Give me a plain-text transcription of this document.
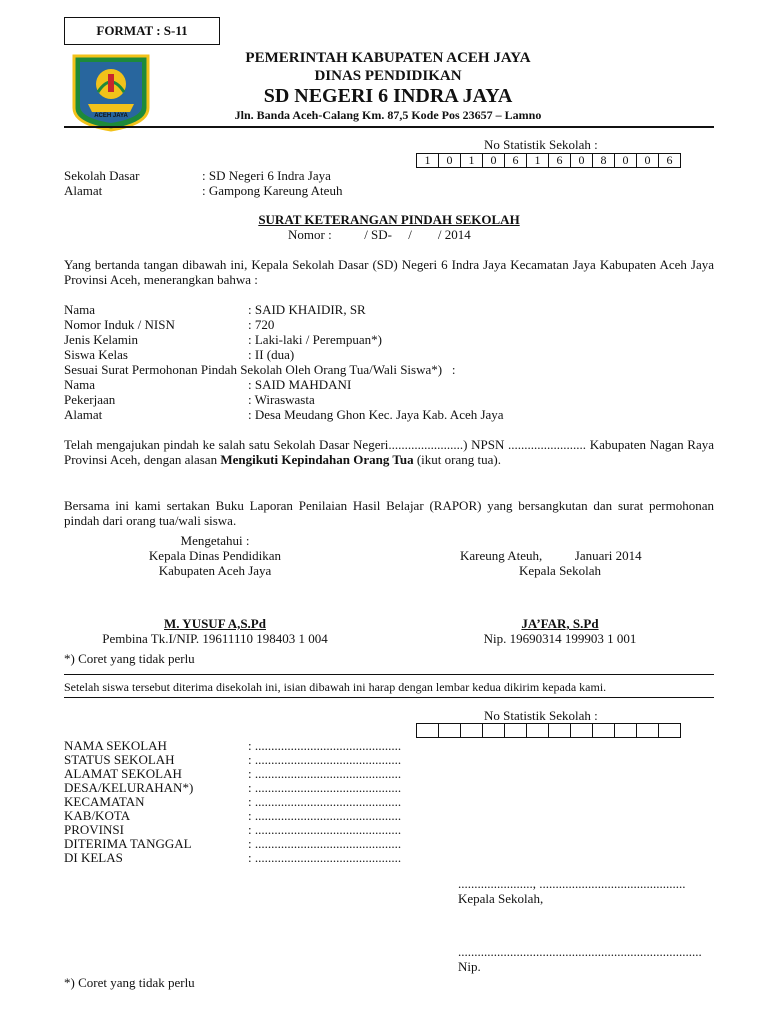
FORMAT : S-11
ACEH JAYA
PEMERINTAH KABUPATEN ACEH JAYA
DINAS PENDIDIKAN
SD NEGERI 6 INDRA JAYA
Jln. Banda Aceh-Calang Km. 87,5 Kode Pos 23657 – Lamno
No Statistik Sekolah :
1	0	1	0	6	1	6	0	8	0	0	6
Sekolah Dasar	: SD Negeri 6 Indra Jaya
Alamat	: Gampong Kareung Ateuh
SURAT KETERANGAN PINDAH SEKOLAH
Nomor :          / SD-     /        / 2014
Yang bertanda tangan dibawah ini, Kepala Sekolah Dasar (SD) Negeri 6 Indra Jaya Kecamatan Jaya Kabupaten Aceh Jaya Provinsi Aceh, menerangkan bahwa :
Nama	: SAID KHAIDIR, SR
Nomor Induk / NISN	: 720
Jenis Kelamin	: Laki-laki / Perempuan*)
Siswa Kelas	: II (dua)
Sesuai Surat Permohonan Pindah Sekolah Oleh Orang Tua/Wali Siswa*)   :
Nama	: SAID MAHDANI
Pekerjaan	: Wiraswasta
Alamat	: Desa Meudang Ghon Kec. Jaya Kab. Aceh Jaya
Telah mengajukan pindah ke salah satu Sekolah Dasar Negeri.......................) NPSN ........................ Kabupaten Nagan Raya Provinsi Aceh, dengan alasan Mengikuti Kepindahan Orang Tua (ikut orang tua).
Bersama ini kami sertakan Buku Laporan Penilaian Hasil Belajar (RAPOR) yang bersangkutan dan surat permohonan pindah dari orang tua/wali siswa.
Mengetahui :
Kepala Dinas Pendidikan
Kabupaten Aceh Jaya
Kareung Ateuh,          Januari 2014
Kepala Sekolah
M. YUSUF A,S.Pd
Pembina Tk.I/NIP. 19611110 198403 1 004
JA’FAR, S.Pd
Nip. 19690314 199903 1 001
*) Coret yang tidak perlu
Setelah siswa tersebut diterima disekolah ini, isian dibawah ini harap dengan lembar kedua dikirim kepada kami.
No Statistik Sekolah :

NAMA SEKOLAH	: .............................................
STATUS SEKOLAH	: .............................................
ALAMAT SEKOLAH	: .............................................
DESA/KELURAHAN*)	: .............................................
KECAMATAN	: .............................................
KAB/KOTA	: .............................................
PROVINSI	: .............................................
DITERIMA TANGGAL	: .............................................
DI KELAS	: .............................................
......................., .............................................
Kepala Sekolah,
...........................................................................
Nip.
*) Coret yang tidak perlu
